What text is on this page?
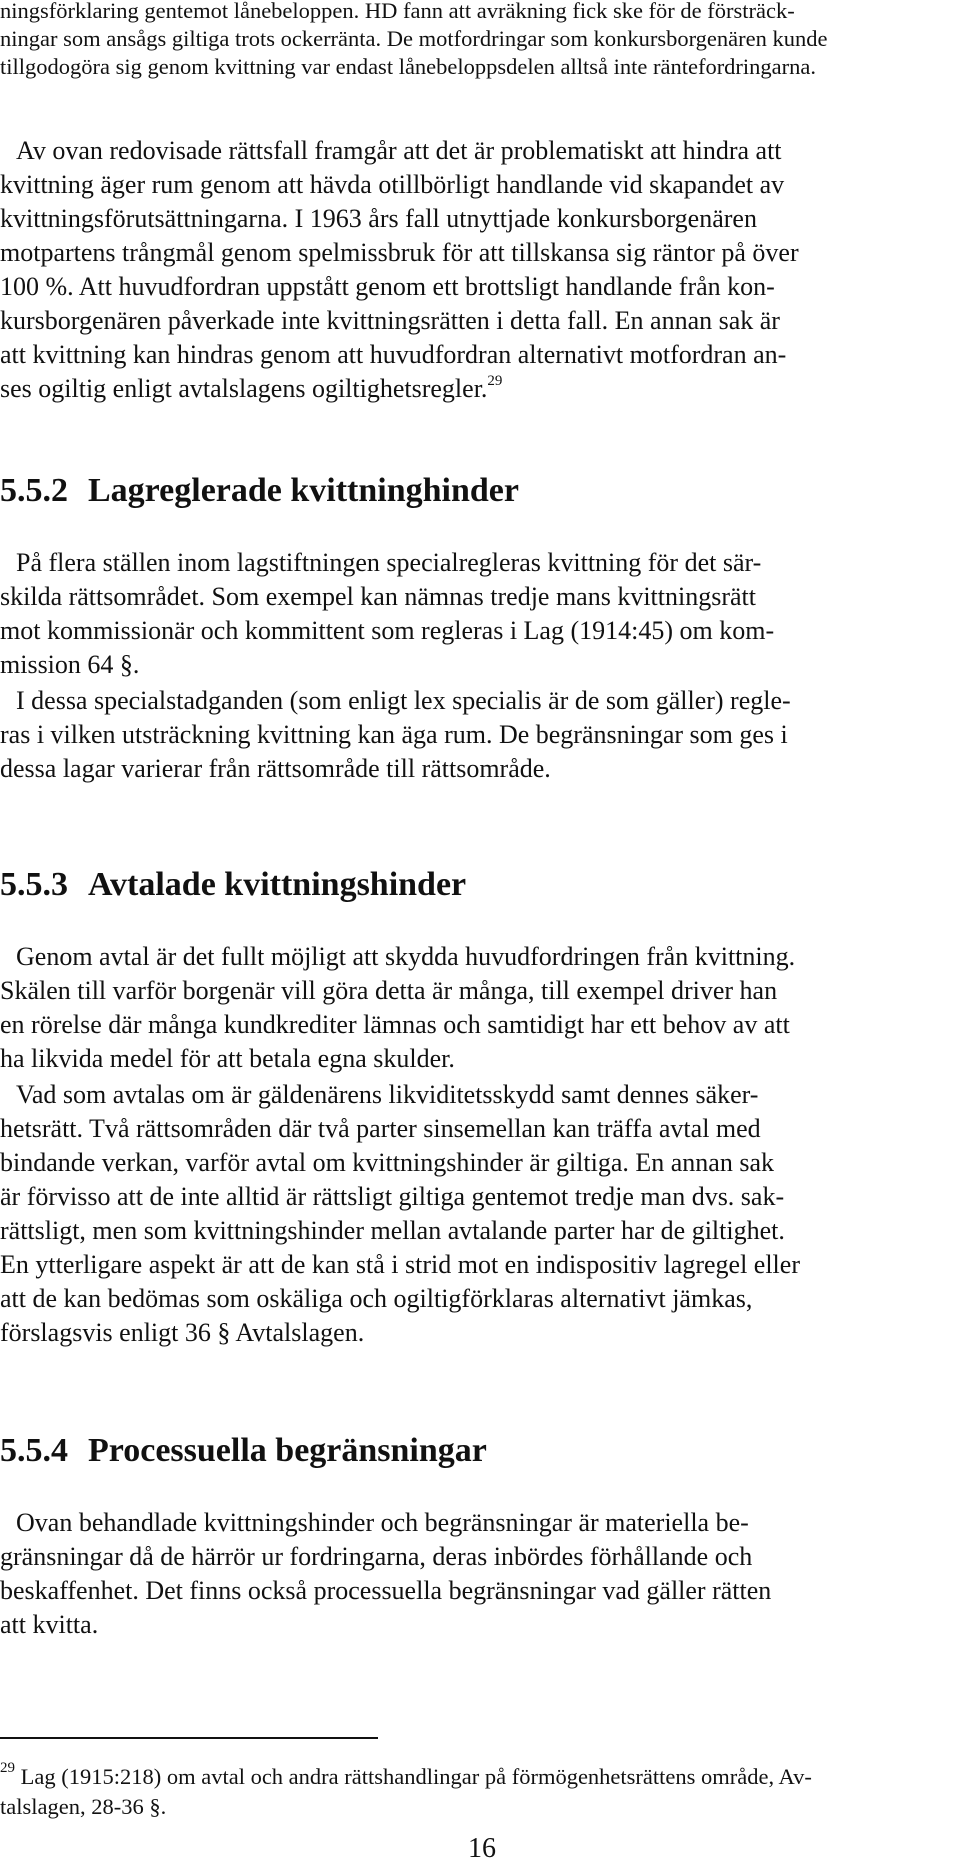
ningsförklaring gentemot lånebeloppen. HD fann att avräkning fick ske för de försträck-
ningar som ansågs giltiga trots ockerränta. De motfordringar som konkursborgenären kunde
tillgodogöra sig genom kvittning var endast lånebeloppsdelen alltså inte räntefordringarna.
Av ovan redovisade rättsfall framgår att det är problematiskt att hindra att
kvittning äger rum genom att hävda otillbörligt handlande vid skapandet av
kvittningsförutsättningarna. I 1963 års fall utnyttjade konkursborgenären
motpartens trångmål genom spelmissbruk för att tillskansa sig räntor på över
100 %. Att huvudfordran uppstått genom ett brottsligt handlande från kon-
kursborgenären påverkade inte kvittningsrätten i detta fall. En annan sak är
att kvittning kan hindras genom att huvudfordran alternativt motfordran an-
ses ogiltig enligt avtalslagens ogiltighetsregler.$^{29}$
5.5.2 Lagreglerade kvittninghinder
På flera ställen inom lagstiftningen specialregleras kvittning för det sär-
skilda rättsområdet. Som exempel kan nämnas tredje mans kvittningsrätt
mot kommissionär och kommittent som regleras i Lag (1914:45) om kom-
mission 64 §.
I dessa specialstadganden (som enligt lex specialis är de som gäller) regle-
ras i vilken utsträckning kvittning kan äga rum. De begränsningar som ges i
dessa lagar varierar från rättsområde till rättsområde.
5.5.3 Avtalade kvittningshinder
Genom avtal är det fullt möjligt att skydda huvudfordringen från kvittning.
Skälen till varför borgenär vill göra detta är många, till exempel driver han
en rörelse där många kundkrediter lämnas och samtidigt har ett behov av att
ha likvida medel för att betala egna skulder.
Vad som avtalas om är gäldenärens likviditetsskydd samt dennes säker-
hetsrätt. Två rättsområden där två parter sinsemellan kan träffa avtal med
bindande verkan, varför avtal om kvittningshinder är giltiga. En annan sak
är förvisso att de inte alltid är rättsligt giltiga gentemot tredje man dvs. sak-
rättsligt, men som kvittningshinder mellan avtalande parter har de giltighet.
En ytterligare aspekt är att de kan stå i strid mot en indispositiv lagregel eller
att de kan bedömas som oskäliga och ogiltigförklaras alternativt jämkas,
förslagsvis enligt 36 § Avtalslagen.
5.5.4 Processuella begränsningar
Ovan behandlade kvittningshinder och begränsningar är materiella be-
gränsningar då de härrör ur fordringarna, deras inbördes förhållande och
beskaffenhet. Det finns också processuella begränsningar vad gäller rätten
att kvitta.
$^{29}$ Lag (1915:218) om avtal och andra rättshandlingar på förmögenhetsrättens område, Av-
talslagen, 28-36 §.
16
